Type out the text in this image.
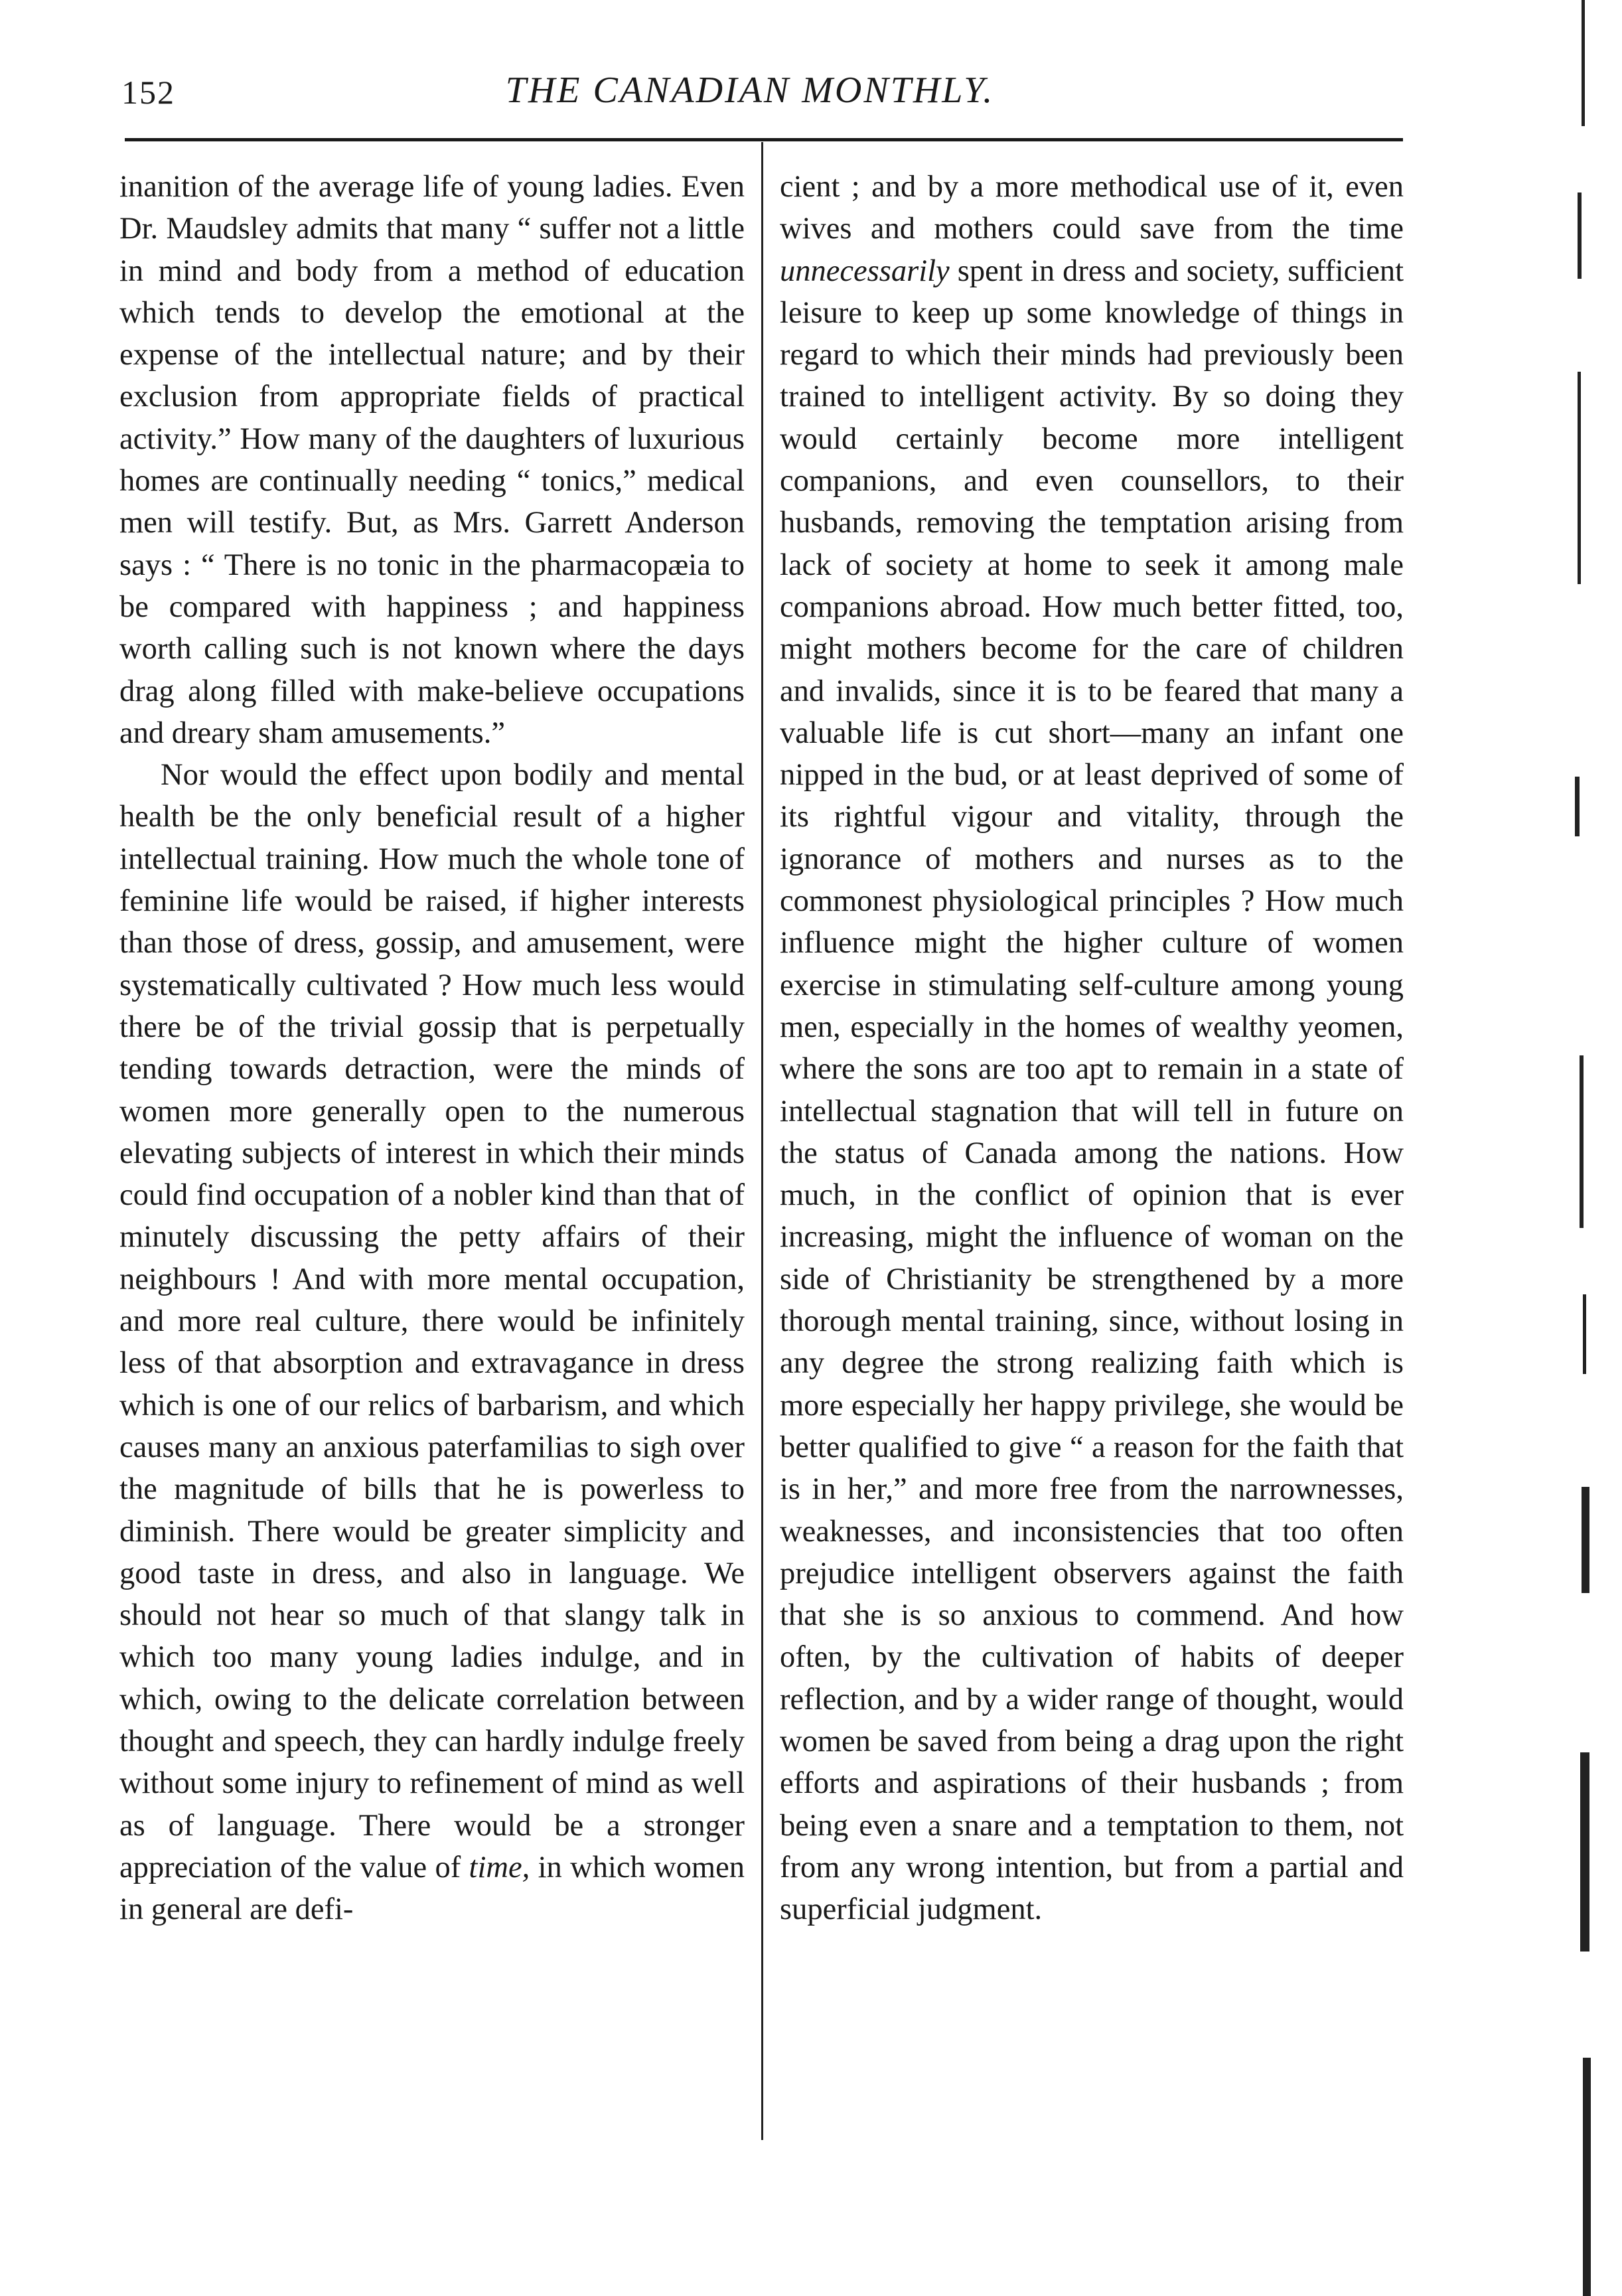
152	THE CANADIAN MONTHLY.

inanition of the average life of young ladies. Even Dr. Maudsley admits that many “ suffer not a little in mind and body from a method of education which tends to develop the emotional at the expense of the intellectual nature; and by their exclusion from appropriate fields of practical activity.” How many of the daughters of luxurious homes are continually needing “ tonics,” medical men will testify. But, as Mrs. Garrett Anderson says : “ There is no tonic in the pharmacopæia to be compared with happiness ; and happiness worth calling such is not known where the days drag along filled with make-believe occupations and dreary sham amusements.”

Nor would the effect upon bodily and mental health be the only beneficial result of a higher intellectual training. How much the whole tone of feminine life would be raised, if higher interests than those of dress, gossip, and amusement, were systematically cultivated ? How much less would there be of the trivial gossip that is perpetually tending towards detraction, were the minds of women more generally open to the numerous elevating subjects of interest in which their minds could find occupation of a nobler kind than that of minutely discussing the petty affairs of their neighbours ! And with more mental occupation, and more real culture, there would be infinitely less of that absorption and extravagance in dress which is one of our relics of barbarism, and which causes many an anxious paterfamilias to sigh over the magnitude of bills that he is powerless to diminish. There would be greater simplicity and good taste in dress, and also in language. We should not hear so much of that slangy talk in which too many young ladies indulge, and in which, owing to the delicate correlation between thought and speech, they can hardly indulge freely without some injury to refinement of mind as well as of language. There would be a stronger appreciation of the value of time, in which women in general are defi-

cient ; and by a more methodical use of it, even wives and mothers could save from the time unnecessarily spent in dress and society, sufficient leisure to keep up some knowledge of things in regard to which their minds had previously been trained to intelligent activity. By so doing they would certainly become more intelligent companions, and even counsellors, to their husbands, removing the temptation arising from lack of society at home to seek it among male companions abroad. How much better fitted, too, might mothers become for the care of children and invalids, since it is to be feared that many a valuable life is cut short—many an infant one nipped in the bud, or at least deprived of some of its rightful vigour and vitality, through the ignorance of mothers and nurses as to the commonest physiological principles ? How much influence might the higher culture of women exercise in stimulating self-culture among young men, especially in the homes of wealthy yeomen, where the sons are too apt to remain in a state of intellectual stagnation that will tell in future on the status of Canada among the nations. How much, in the conflict of opinion that is ever increasing, might the influence of woman on the side of Christianity be strengthened by a more thorough mental training, since, without losing in any degree the strong realizing faith which is more especially her happy privilege, she would be better qualified to give “ a reason for the faith that is in her,” and more free from the narrownesses, weaknesses, and inconsistencies that too often prejudice intelligent observers against the faith that she is so anxious to commend. And how often, by the cultivation of habits of deeper reflection, and by a wider range of thought, would women be saved from being a drag upon the right efforts and aspirations of their husbands ; from being even a snare and a temptation to them, not from any wrong intention, but from a partial and superficial judgment.
